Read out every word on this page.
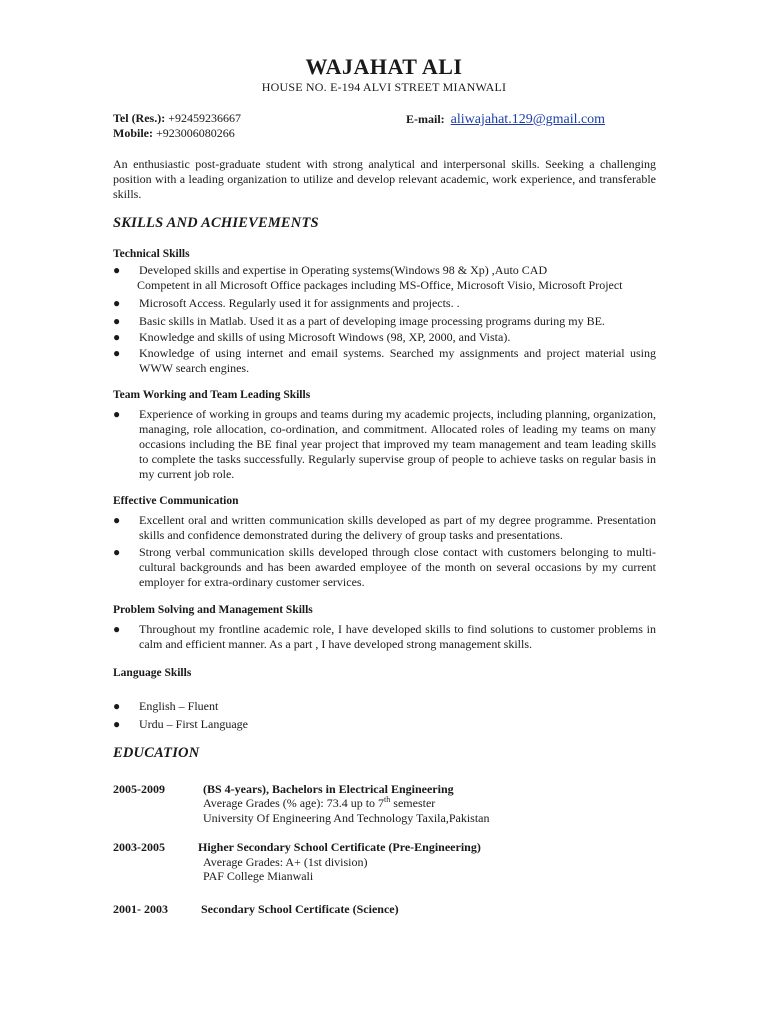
WAJAHAT ALI
HOUSE NO. E-194 ALVI STREET MIANWALI
Tel (Res.): +92459236667
Mobile: +923006080266
E-mail: aliwajahat.129@gmail.com
An enthusiastic post-graduate student with strong analytical and interpersonal skills. Seeking a challenging position with a leading organization to utilize and develop relevant academic, work experience, and transferable skills.
SKILLS AND ACHIEVEMENTS
Technical Skills
●	Developed skills and expertise in Operating systems(Windows 98 & Xp) ,Auto CAD
Competent in all Microsoft Office packages including MS-Office, Microsoft Visio, Microsoft Project
●	Microsoft Access. Regularly used it for assignments and projects. .
●	Basic skills in Matlab. Used it as a part of developing image processing programs during my BE.
●	Knowledge and skills of using Microsoft Windows (98, XP, 2000, and Vista).
●	Knowledge of using internet and email systems. Searched my assignments and project material using WWW search engines.
Team Working and Team Leading Skills
●	Experience of working in groups and teams during my academic projects, including planning, organization, managing, role allocation, co-ordination, and commitment. Allocated roles of leading my teams on many occasions including the BE final year project that improved my team management and team leading skills to complete the tasks successfully. Regularly supervise group of people to achieve tasks on regular basis in my current job role.
Effective Communication
●	Excellent oral and written communication skills developed as part of my degree programme. Presentation skills and confidence demonstrated during the delivery of group tasks and presentations.
●	Strong verbal communication skills developed through close contact with customers belonging to multi-cultural backgrounds and has been awarded employee of the month on several occasions by my current employer for extra-ordinary customer services.
Problem Solving and Management Skills
●	Throughout my frontline academic role, I have developed skills to find solutions to customer problems in calm and efficient manner. As a part , I have developed strong management skills.
Language Skills
●	English – Fluent
●	Urdu – First Language
EDUCATION
2005-2009	(BS 4-years), Bachelors in Electrical Engineering
Average Grades (% age): 73.4 up to 7th semester
University Of Engineering And Technology Taxila,Pakistan
2003-2005	Higher Secondary School Certificate (Pre-Engineering)
Average Grades: A+ (1st division)
PAF College Mianwali
2001- 2003	Secondary School Certificate (Science)
